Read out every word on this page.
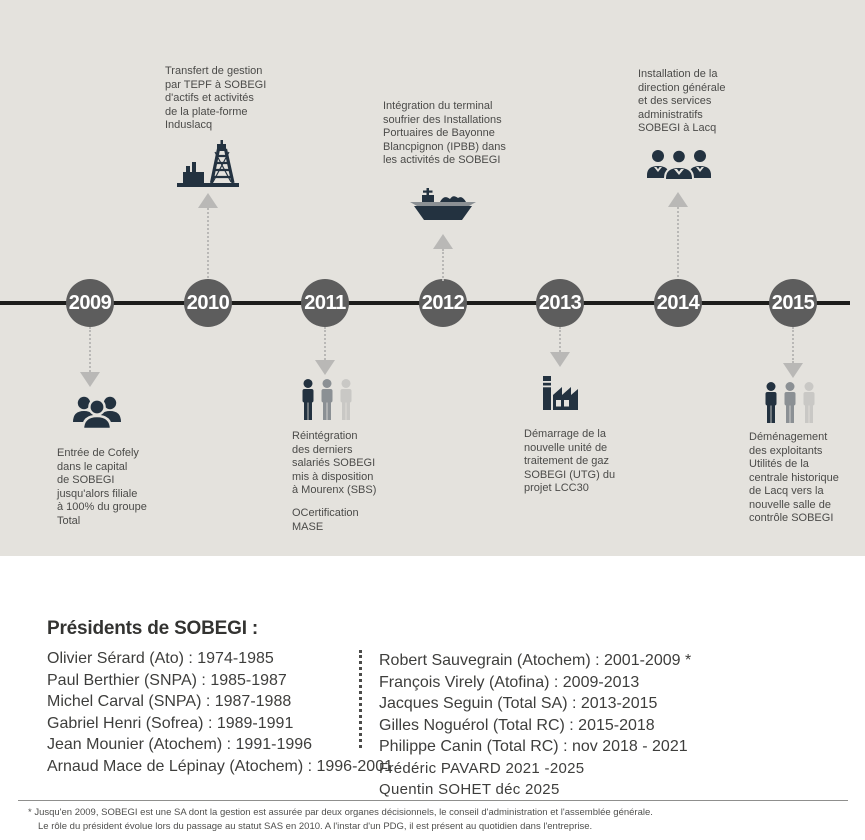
2009	2010	2011	2012	2013	2014	2015
Transfert de gestion
par TEPF à SOBEGI
d'actifs et activités
de la plate-forme
Induslacq
Intégration du terminal
soufrier des Installations
Portuaires de Bayonne
Blancpignon (IPBB) dans
les activités de SOBEGI
Installation de la
direction générale
et des services
administratifs
SOBEGI à Lacq
Entrée de Cofely
dans le capital
de SOBEGI
jusqu'alors filiale
à 100% du groupe
Total
Réintégration
des derniers
salariés SOBEGI
mis à disposition
à Mourenx (SBS)
OCertification
MASE
Démarrage de la
nouvelle unité de
traitement de gaz
SOBEGI (UTG) du
projet LCC30
Déménagement
des exploitants
Utilités de la
centrale historique
de Lacq vers la
nouvelle salle de
contrôle SOBEGI
Présidents de SOBEGI :
Olivier Sérard (Ato) : 1974-1985
Paul Berthier (SNPA) : 1985-1987
Michel Carval (SNPA) : 1987-1988
Gabriel Henri (Sofrea) : 1989-1991
Jean Mounier (Atochem) : 1991-1996
Arnaud Mace de Lépinay (Atochem) : 1996-2001
Robert Sauvegrain (Atochem) : 2001-2009 *
François Virely (Atofina) : 2009-2013
Jacques Seguin (Total SA) : 2013-2015
Gilles Noguérol (Total RC) : 2015-2018
Philippe Canin (Total RC) : nov 2018 - 2021
Frédéric PAVARD 2021 -2025
Quentin SOHET déc 2025
* Jusqu'en 2009, SOBEGI est une SA dont la gestion est assurée par deux organes décisionnels, le conseil d'administration et l'assemblée générale.
Le rôle du président évolue lors du passage au statut SAS en 2010. A l'instar d'un PDG, il est présent au quotidien dans l'entreprise.
